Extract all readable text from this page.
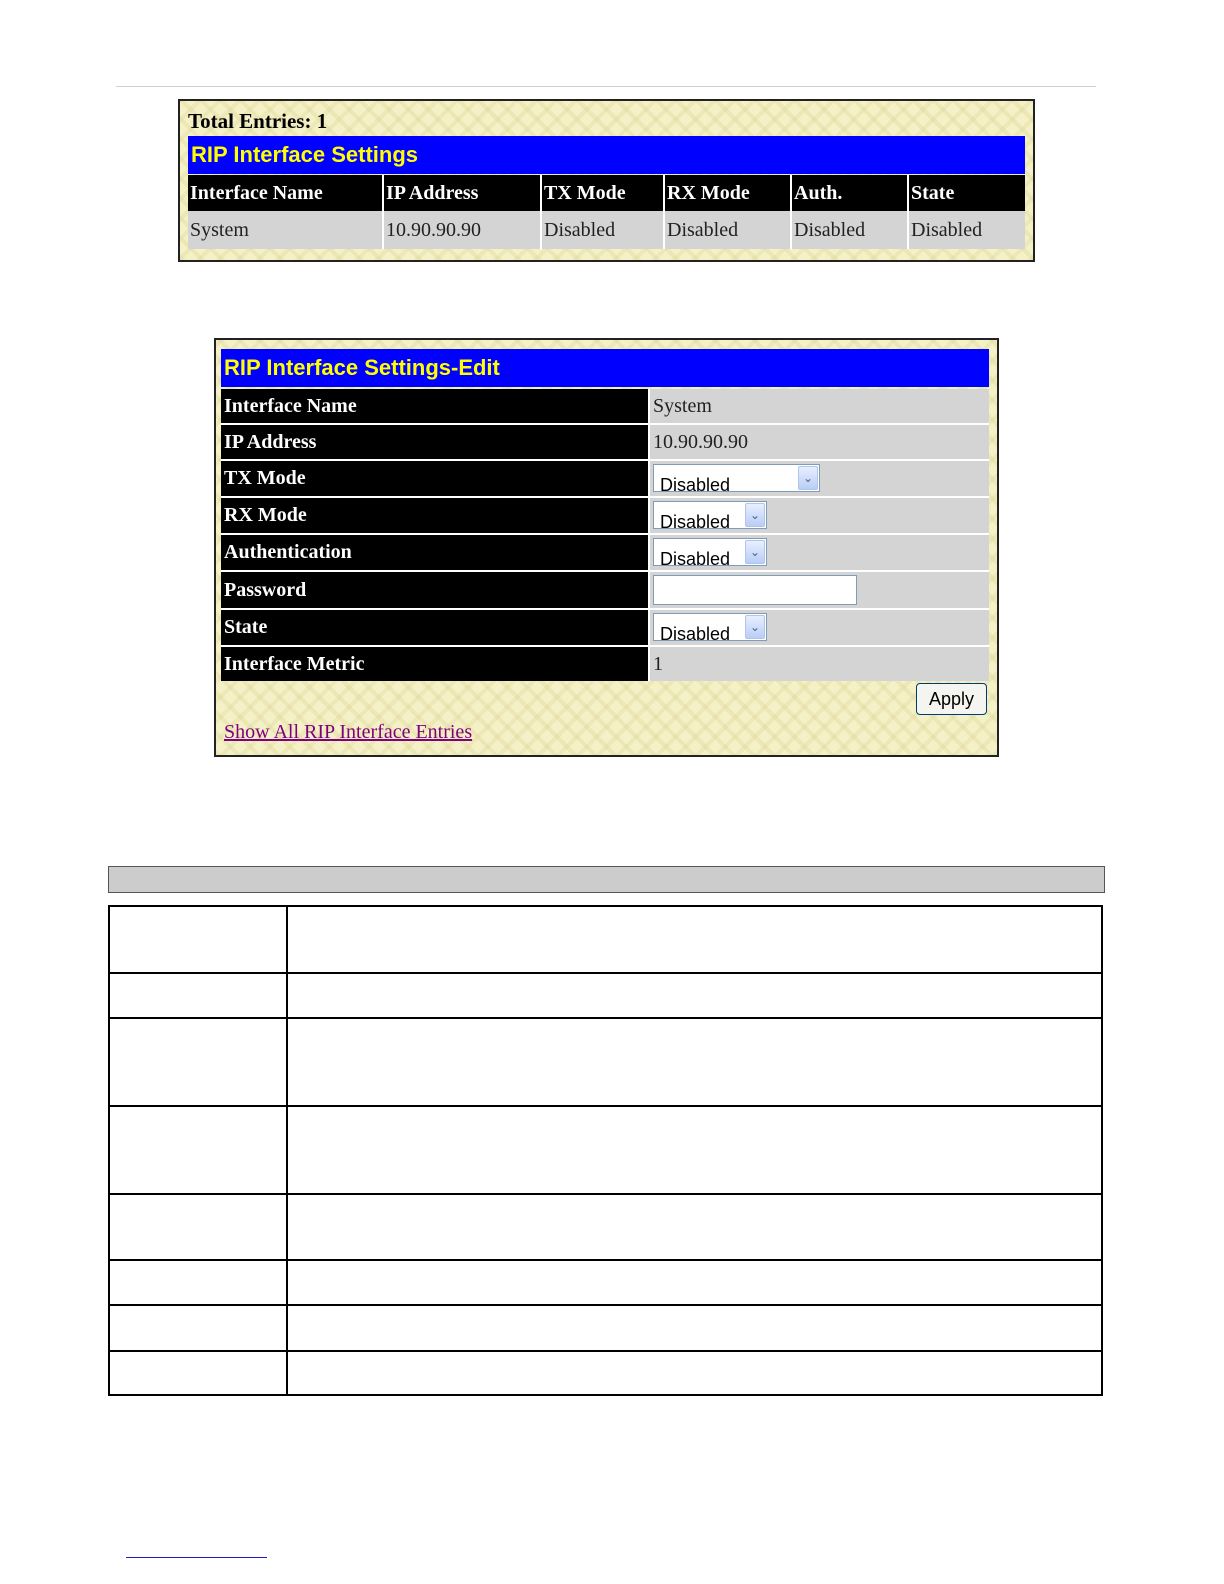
Total Entries: 1
RIP Interface Settings
Interface Name	IP Address	TX Mode	RX Mode	Auth.	State
System	10.90.90.90	Disabled	Disabled	Disabled	Disabled
RIP Interface Settings-Edit
Interface Name	System
IP Address	10.90.90.90
TX Mode	Disabled	⌄
RX Mode	Disabled	⌄
Authentication	Disabled	⌄
Password
State	Disabled	⌄
Interface Metric	1
Apply
Show All RIP Interface Entries
